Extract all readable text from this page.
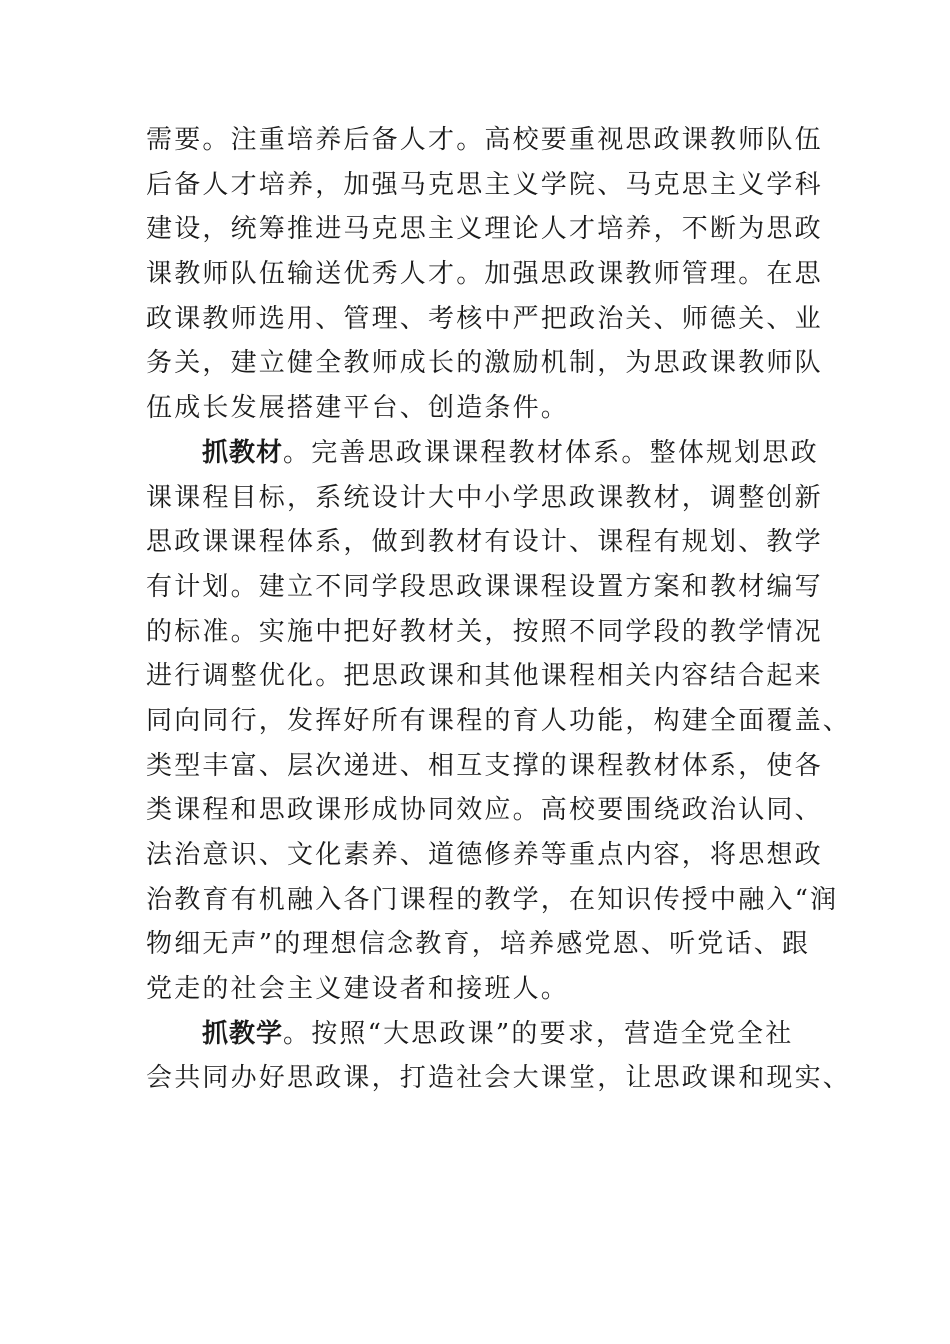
需要。注重培养后备人才。高校要重视思政课教师队伍
后备人才培养，加强马克思主义学院、马克思主义学科
建设，统筹推进马克思主义理论人才培养，不断为思政
课教师队伍输送优秀人才。加强思政课教师管理。在思
政课教师选用、管理、考核中严把政治关、师德关、业
务关，建立健全教师成长的激励机制，为思政课教师队
伍成长发展搭建平台、创造条件。
抓教材。完善思政课课程教材体系。整体规划思政
课课程目标，系统设计大中小学思政课教材，调整创新
思政课课程体系，做到教材有设计、课程有规划、教学
有计划。建立不同学段思政课课程设置方案和教材编写
的标准。实施中把好教材关，按照不同学段的教学情况
进行调整优化。把思政课和其他课程相关内容结合起来
同向同行，发挥好所有课程的育人功能，构建全面覆盖、
类型丰富、层次递进、相互支撑的课程教材体系，使各
类课程和思政课形成协同效应。高校要围绕政治认同、
法治意识、文化素养、道德修养等重点内容，将思想政
治教育有机融入各门课程的教学，在知识传授中融入“润
物细无声”的理想信念教育，培养感党恩、听党话、跟
党走的社会主义建设者和接班人。
抓教学。按照“大思政课”的要求，营造全党全社
会共同办好思政课，打造社会大课堂，让思政课和现实、
